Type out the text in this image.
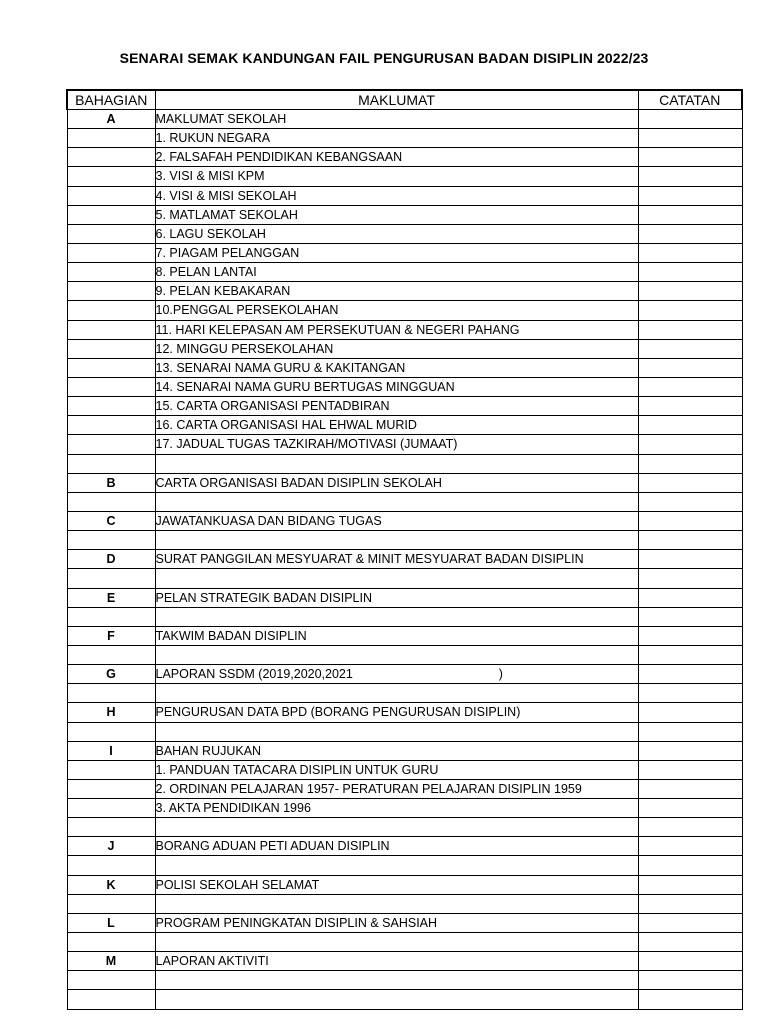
SENARAI SEMAK KANDUNGAN FAIL PENGURUSAN BADAN DISIPLIN 2022/23
BAHAGIAN	MAKLUMAT	CATATAN
A	MAKLUMAT SEKOLAH	
	1. RUKUN NEGARA	
	2. FALSAFAH PENDIDIKAN KEBANGSAAN	
	3. VISI & MISI KPM	
	4. VISI & MISI SEKOLAH	
	5. MATLAMAT SEKOLAH	
	6. LAGU SEKOLAH	
	7. PIAGAM PELANGGAN	
	8. PELAN LANTAI	
	9. PELAN KEBAKARAN	
	10.PENGGAL PERSEKOLAHAN	
	11. HARI KELEPASAN AM PERSEKUTUAN & NEGERI PAHANG	
	12. MINGGU PERSEKOLAHAN	
	13. SENARAI NAMA GURU & KAKITANGAN	
	14. SENARAI NAMA GURU BERTUGAS MINGGUAN	
	15. CARTA ORGANISASI PENTADBIRAN	
	16. CARTA ORGANISASI HAL EHWAL MURID	
	17. JADUAL TUGAS TAZKIRAH/MOTIVASI (JUMAAT)	

B	CARTA ORGANISASI BADAN DISIPLIN SEKOLAH	

C	JAWATANKUASA DAN BIDANG TUGAS	

D	SURAT PANGGILAN MESYUARAT & MINIT MESYUARAT BADAN DISIPLIN	

E	PELAN STRATEGIK BADAN DISIPLIN	

F	TAKWIM BADAN DISIPLIN	

G	LAPORAN SSDM (2019,2020,2021                                          )	

H	PENGURUSAN DATA BPD (BORANG PENGURUSAN DISIPLIN)	

I	BAHAN RUJUKAN	
	1. PANDUAN TATACARA DISIPLIN UNTUK GURU	
	2. ORDINAN PELAJARAN 1957- PERATURAN PELAJARAN DISIPLIN 1959	
	3. AKTA PENDIDIKAN 1996	

J	BORANG ADUAN PETI ADUAN DISIPLIN	

K	POLISI SEKOLAH SELAMAT	

L	PROGRAM PENINGKATAN DISIPLIN & SAHSIAH	

M	LAPORAN AKTIVITI	
